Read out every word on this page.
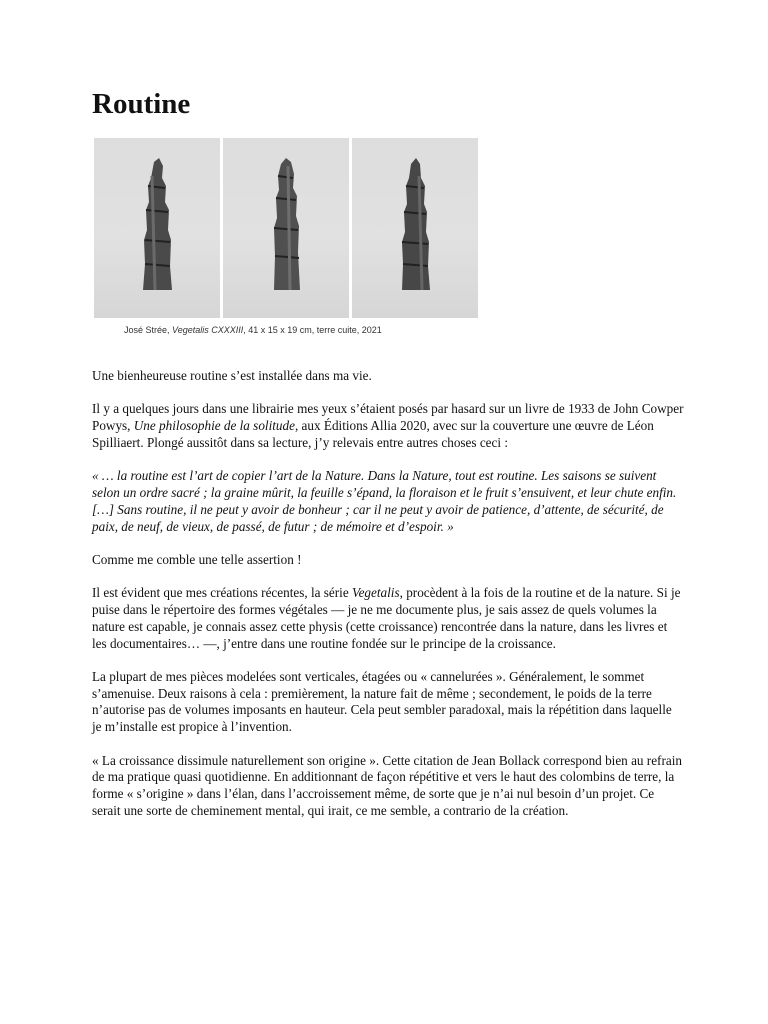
Routine
José Strée, Vegetalis CXXXIII, 41 x 15 x 19 cm, terre cuite, 2021

Une bienheureuse routine s’est installée dans ma vie.

Il y a quelques jours dans une librairie mes yeux s’étaient posés par hasard sur un livre de 1933 de John Cowper Powys, Une philosophie de la solitude, aux Éditions Allia 2020, avec sur la couverture une œuvre de Léon Spilliaert. Plongé aussitôt dans sa lecture, j’y relevais entre autres choses ceci :

« … la routine est l’art de copier l’art de la Nature. Dans la Nature, tout est routine. Les saisons se suivent selon un ordre sacré ; la graine mûrit, la feuille s’épand, la floraison et le fruit s’ensuivent, et leur chute enfin. […] Sans routine, il ne peut y avoir de bonheur ; car il ne peut y avoir de patience, d’attente, de sécurité, de paix, de neuf, de vieux, de passé, de futur ; de mémoire et d’espoir. »

Comme me comble une telle assertion !

Il est évident que mes créations récentes, la série Vegetalis, procèdent à la fois de la routine et de la nature. Si je puise dans le répertoire des formes végétales — je ne me documente plus, je sais assez de quels volumes la nature est capable, je connais assez cette physis (cette croissance) rencontrée dans la nature, dans les livres et les documentaires… —, j’entre dans une routine fondée sur le principe de la croissance.

La plupart de mes pièces modelées sont verticales, étagées ou « cannelurées ». Généralement, le sommet s’amenuise. Deux raisons à cela : premièrement, la nature fait de même ; secondement, le poids de la terre n’autorise pas de volumes imposants en hauteur. Cela peut sembler paradoxal, mais la répétition dans laquelle je m’installe est propice à l’invention.

« La croissance dissimule naturellement son origine ». Cette citation de Jean Bollack correspond bien au refrain de ma pratique quasi quotidienne. En additionnant de façon répétitive et vers le haut des colombins de terre, la forme « s’origine » dans l’élan, dans l’accroissement même, de sorte que je n’ai nul besoin d’un projet. Ce serait une sorte de cheminement mental, qui irait, ce me semble, a contrario de la création.
